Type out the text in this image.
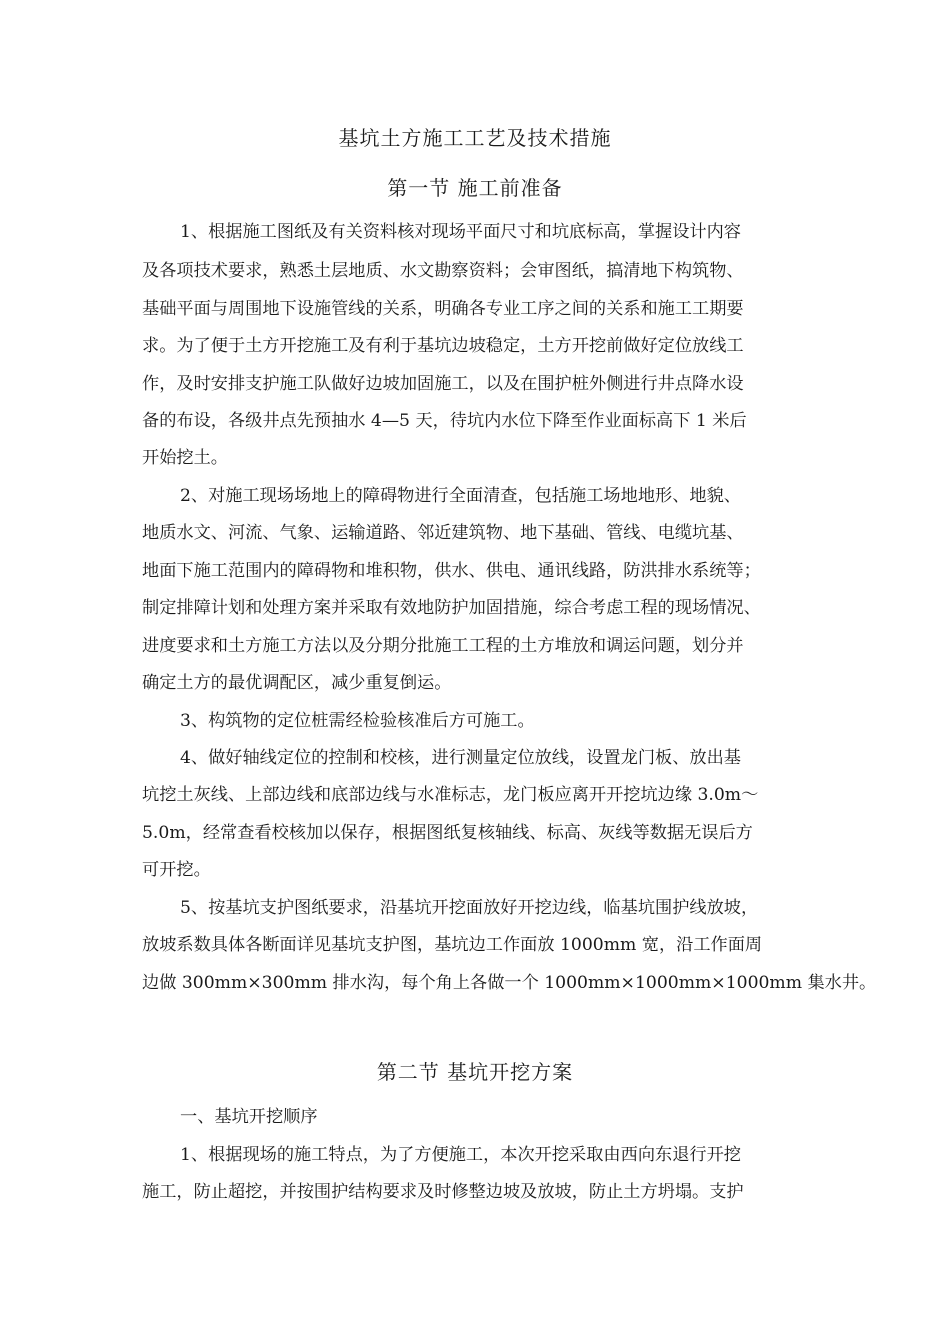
基坑土方施工工艺及技术措施
第一节 施工前准备
1、根据施工图纸及有关资料核对现场平面尺寸和坑底标高，掌握设计内容
及各项技术要求，熟悉土层地质、水文勘察资料；会审图纸，搞清地下构筑物、
基础平面与周围地下设施管线的关系，明确各专业工序之间的关系和施工工期要
求。为了便于土方开挖施工及有利于基坑边坡稳定，土方开挖前做好定位放线工
作，及时安排支护施工队做好边坡加固施工，以及在围护桩外侧进行井点降水设
备的布设，各级井点先预抽水 4—5 天，待坑内水位下降至作业面标高下 1 米后
开始挖土。
2、对施工现场场地上的障碍物进行全面清查，包括施工场地地形、地貌、
地质水文、河流、气象、运输道路、邻近建筑物、地下基础、管线、电缆坑基、
地面下施工范围内的障碍物和堆积物，供水、供电、通讯线路，防洪排水系统等；
制定排障计划和处理方案并采取有效地防护加固措施，综合考虑工程的现场情况、
进度要求和土方施工方法以及分期分批施工工程的土方堆放和调运问题，划分并
确定土方的最优调配区，减少重复倒运。
3、构筑物的定位桩需经检验核准后方可施工。
4、做好轴线定位的控制和校核，进行测量定位放线，设置龙门板、放出基
坑挖土灰线、上部边线和底部边线与水准标志，龙门板应离开开挖坑边缘 3.0m～
5.0m，经常查看校核加以保存，根据图纸复核轴线、标高、灰线等数据无误后方
可开挖。
5、按基坑支护图纸要求，沿基坑开挖面放好开挖边线，临基坑围护线放坡，
放坡系数具体各断面详见基坑支护图，基坑边工作面放 1000mm 宽，沿工作面周
边做 300mm×300mm 排水沟，每个角上各做一个 1000mm×1000mm×1000mm 集水井。
第二节 基坑开挖方案
一、基坑开挖顺序
1、根据现场的施工特点，为了方便施工，本次开挖采取由西向东退行开挖
施工，防止超挖，并按围护结构要求及时修整边坡及放坡，防止土方坍塌。支护
